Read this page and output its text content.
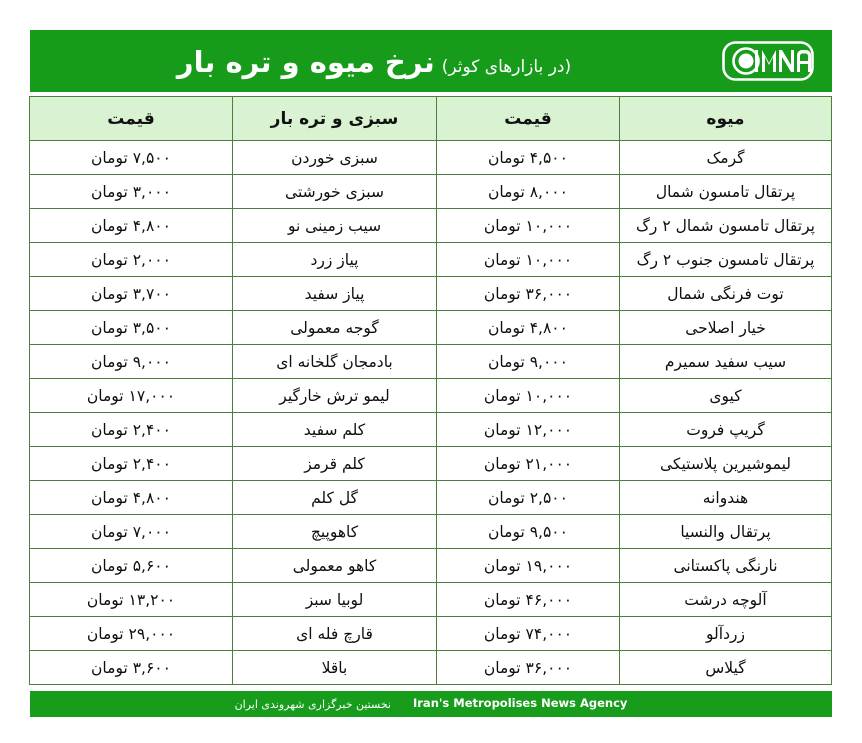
(در بازارهای کوثر)
نرخ میوه و تره بار
میوه	قیمت	سبزی و تره بار	قیمت
گرمک	۴,۵۰۰ تومان	سبزی خوردن	۷,۵۰۰ تومان
پرتقال تامسون شمال	۸,۰۰۰ تومان	سبزی خورشتی	۳,۰۰۰ تومان
پرتقال تامسون شمال ۲ رگ	۱۰,۰۰۰ تومان	سیب زمینی نو	۴,۸۰۰ تومان
پرتقال تامسون جنوب ۲ رگ	۱۰,۰۰۰ تومان	پیاز زرد	۲,۰۰۰ تومان
توت فرنگی شمال	۳۶,۰۰۰ تومان	پیاز سفید	۳,۷۰۰ تومان
خیار اصلاحی	۴,۸۰۰ تومان	گوجه معمولی	۳,۵۰۰ تومان
سیب سفید سمیرم	۹,۰۰۰ تومان	بادمجان گلخانه ای	۹,۰۰۰ تومان
کیوی	۱۰,۰۰۰ تومان	لیمو ترش خارگیر	۱۷,۰۰۰ تومان
گریپ فروت	۱۲,۰۰۰ تومان	کلم سفید	۲,۴۰۰ تومان
لیموشیرین پلاستیکی	۲۱,۰۰۰ تومان	کلم قرمز	۲,۴۰۰ تومان
هندوانه	۲,۵۰۰ تومان	گل کلم	۴,۸۰۰ تومان
پرتقال والنسیا	۹,۵۰۰ تومان	کاهوپیچ	۷,۰۰۰ تومان
نارنگی پاکستانی	۱۹,۰۰۰ تومان	کاهو معمولی	۵,۶۰۰ تومان
آلوچه درشت	۴۶,۰۰۰ تومان	لوبیا سبز	۱۳,۲۰۰ تومان
زردآلو	۷۴,۰۰۰ تومان	قارچ فله ای	۲۹,۰۰۰ تومان
گیلاس	۳۶,۰۰۰ تومان	باقلا	۳,۶۰۰ تومان
Iran's Metropolises News Agency
نخستین خبرگزاری شهروندی ایران
